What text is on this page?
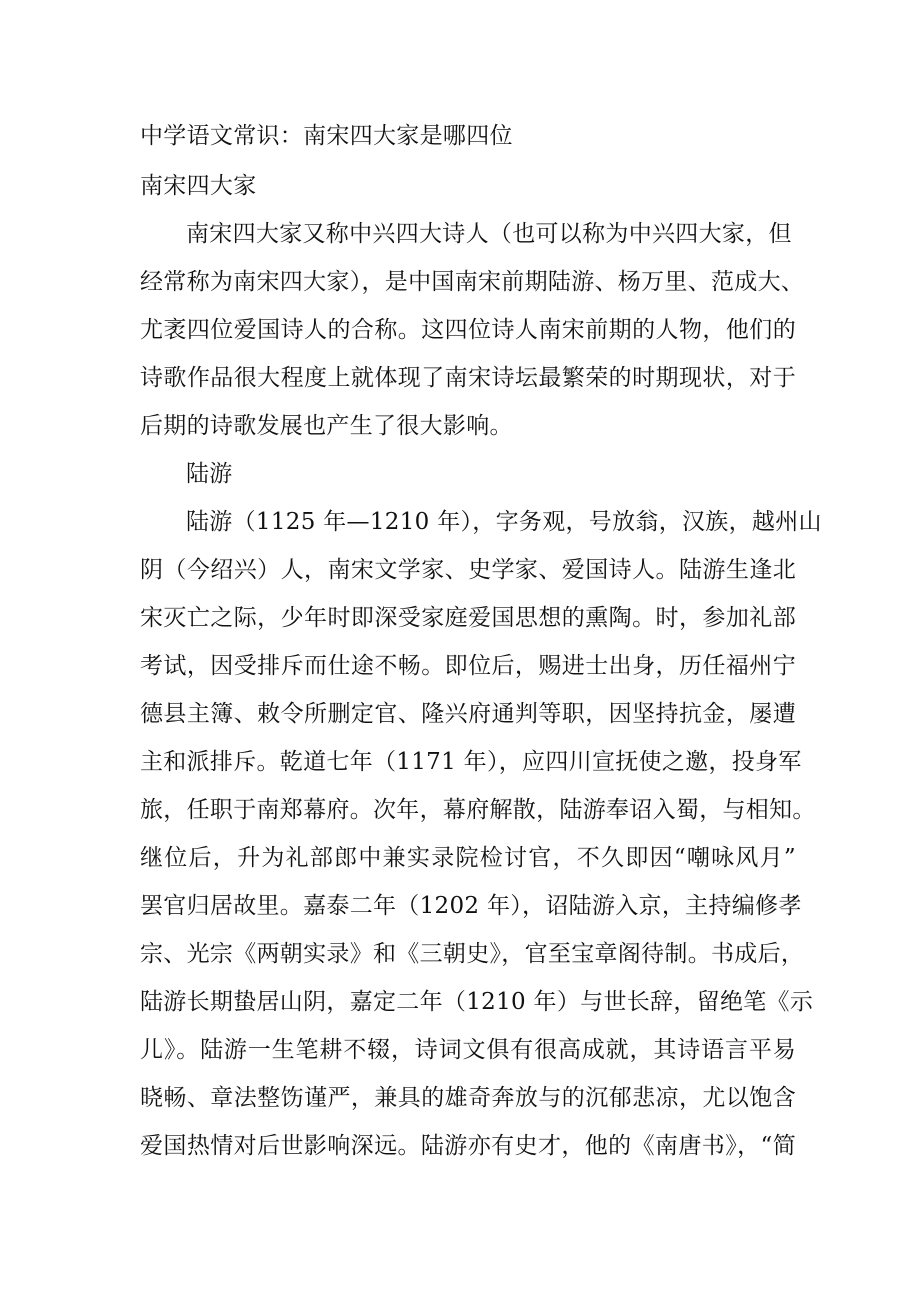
中学语文常识：南宋四大家是哪四位
南宋四大家
南宋四大家又称中兴四大诗人（也可以称为中兴四大家，但
经常称为南宋四大家），是中国南宋前期陆游、杨万里、范成大、
尤袤四位爱国诗人的合称。这四位诗人南宋前期的人物，他们的
诗歌作品很大程度上就体现了南宋诗坛最繁荣的时期现状，对于
后期的诗歌发展也产生了很大影响。
陆游
陆游（1125 年—1210 年），字务观，号放翁，汉族，越州山
阴（今绍兴）人，南宋文学家、史学家、爱国诗人。陆游生逢北
宋灭亡之际，少年时即深受家庭爱国思想的熏陶。时，参加礼部
考试，因受排斥而仕途不畅。即位后，赐进士出身，历任福州宁
德县主簿、敕令所删定官、隆兴府通判等职，因坚持抗金，屡遭
主和派排斥。乾道七年（1171 年），应四川宣抚使之邀，投身军
旅，任职于南郑幕府。次年，幕府解散，陆游奉诏入蜀，与相知。
继位后，升为礼部郎中兼实录院检讨官，不久即因“嘲咏风月”
罢官归居故里。嘉泰二年（1202 年），诏陆游入京，主持编修孝
宗、光宗《两朝实录》和《三朝史》，官至宝章阁待制。书成后，
陆游长期蛰居山阴，嘉定二年（1210 年）与世长辞，留绝笔《示
儿》。陆游一生笔耕不辍，诗词文俱有很高成就，其诗语言平易
晓畅、章法整饬谨严，兼具的雄奇奔放与的沉郁悲凉，尤以饱含
爱国热情对后世影响深远。陆游亦有史才，他的《南唐书》，“简
